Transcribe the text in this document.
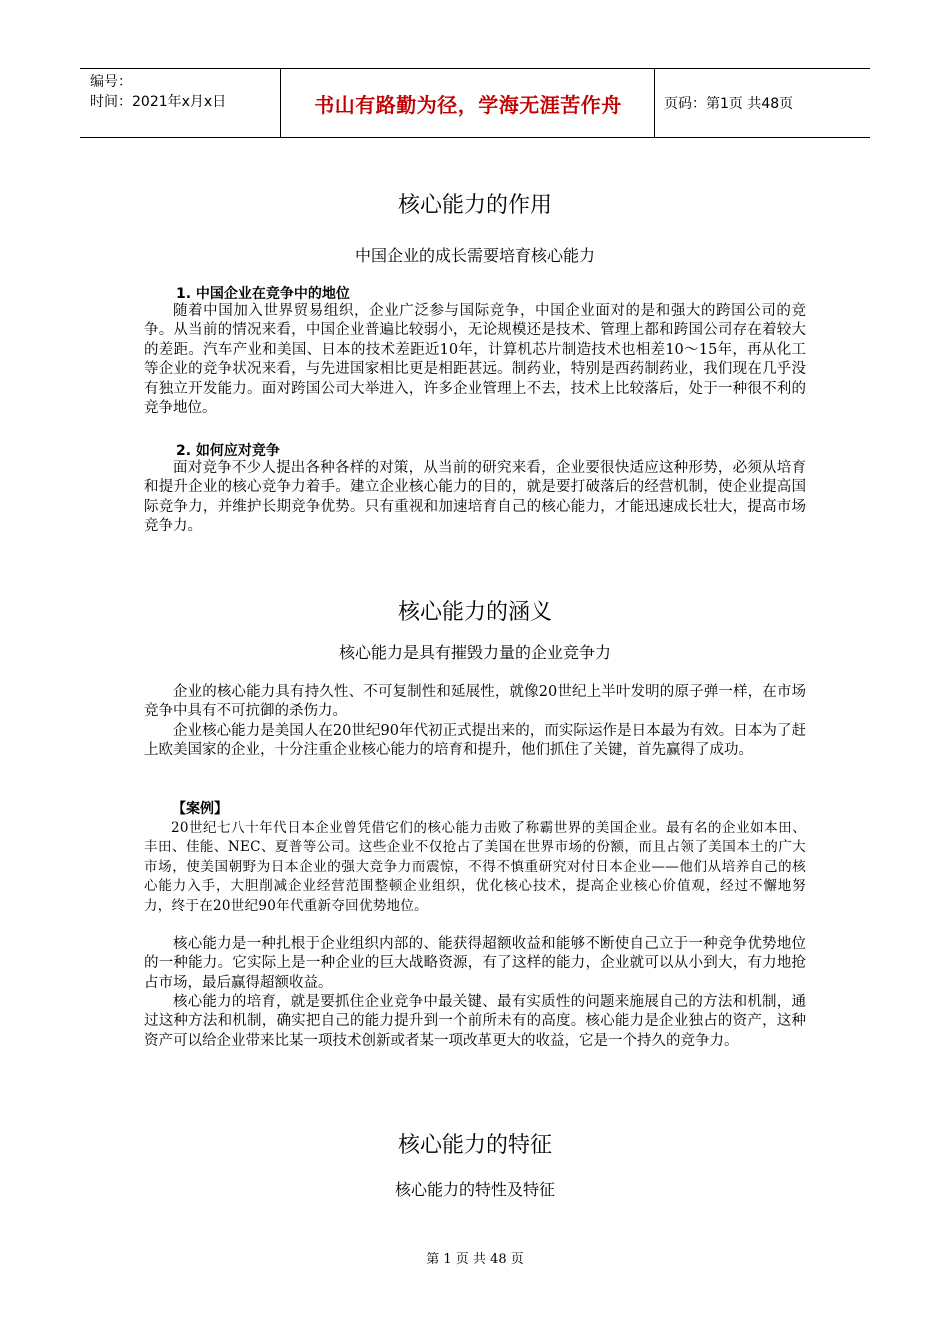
编号：
时间：2021年x月x日	书山有路勤为径，学海无涯苦作舟	页码：第1页 共48页
核心能力的作用
中国企业的成长需要培育核心能力
1. 中国企业在竞争中的地位

随着中国加入世界贸易组织，企业广泛参与国际竞争，中国企业面对的是和强大的跨国公司的竞争。从当前的情况来看，中国企业普遍比较弱小，无论规模还是技术、管理上都和跨国公司存在着较大的差距。汽车产业和美国、日本的技术差距近10年，计算机芯片制造技术也相差10～15年，再从化工等企业的竞争状况来看，与先进国家相比更是相距甚远。制药业，特别是西药制药业，我们现在几乎没有独立开发能力。面对跨国公司大举进入，许多企业管理上不去，技术上比较落后，处于一种很不利的竞争地位。

2. 如何应对竞争

面对竞争不少人提出各种各样的对策，从当前的研究来看，企业要很快适应这种形势，必须从培育和提升企业的核心竞争力着手。建立企业核心能力的目的，就是要打破落后的经营机制，使企业提高国际竞争力，并维护长期竞争优势。只有重视和加速培育自己的核心能力，才能迅速成长壮大，提高市场竞争力。

核心能力的涵义
核心能力是具有摧毁力量的企业竞争力

企业的核心能力具有持久性、不可复制性和延展性，就像20世纪上半叶发明的原子弹一样，在市场竞争中具有不可抗御的杀伤力。

企业核心能力是美国人在20世纪90年代初正式提出来的，而实际运作是日本最为有效。日本为了赶上欧美国家的企业，十分注重企业核心能力的培育和提升，他们抓住了关键，首先赢得了成功。

【案例】

20世纪七八十年代日本企业曾凭借它们的核心能力击败了称霸世界的美国企业。最有名的企业如本田、丰田、佳能、NEC、夏普等公司。这些企业不仅抢占了美国在世界市场的份额，而且占领了美国本土的广大市场，使美国朝野为日本企业的强大竞争力而震惊，不得不慎重研究对付日本企业——他们从培养自己的核心能力入手，大胆削减企业经营范围整顿企业组织，优化核心技术，提高企业核心价值观，经过不懈地努力，终于在20世纪90年代重新夺回优势地位。

核心能力是一种扎根于企业组织内部的、能获得超额收益和能够不断使自己立于一种竞争优势地位的一种能力。它实际上是一种企业的巨大战略资源，有了这样的能力，企业就可以从小到大，有力地抢占市场，最后赢得超额收益。

核心能力的培育，就是要抓住企业竞争中最关键、最有实质性的问题来施展自己的方法和机制，通过这种方法和机制，确实把自己的能力提升到一个前所未有的高度。核心能力是企业独占的资产，这种资产可以给企业带来比某一项技术创新或者某一项改革更大的收益，它是一个持久的竞争力。

核心能力的特征
核心能力的特性及特征
第 1 页 共 48 页
